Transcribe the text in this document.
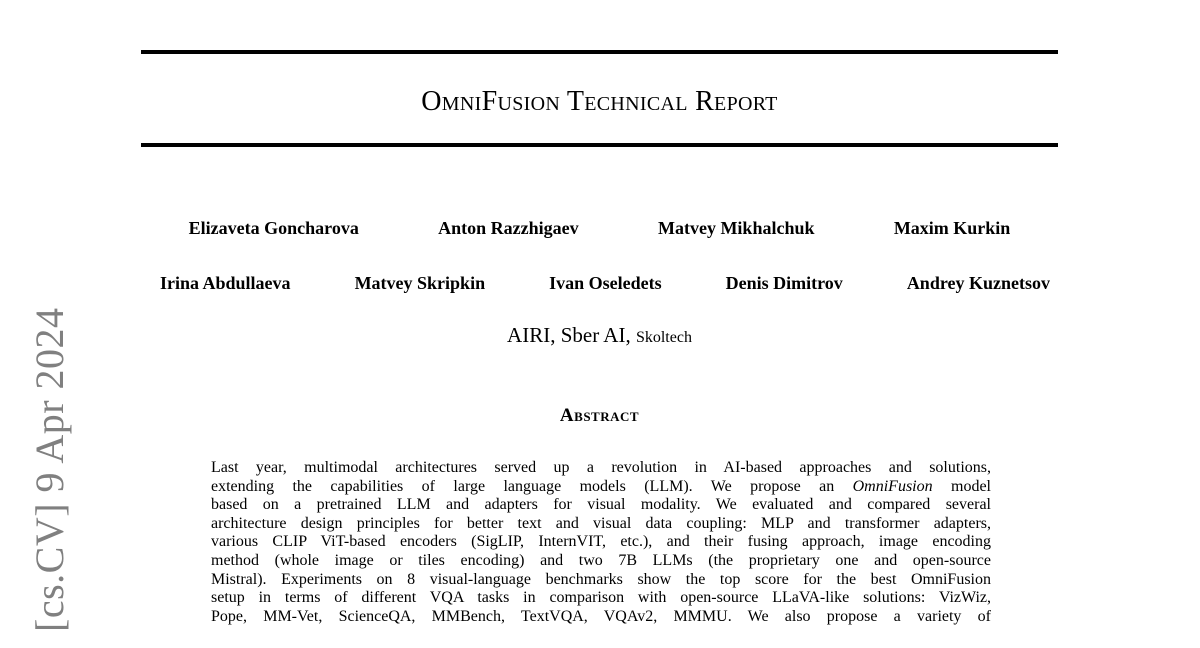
OmniFusion Technical Report
Elizaveta Goncharova	Anton Razzhigaev	Matvey Mikhalchuk	Maxim Kurkin
Irina Abdullaeva	Matvey Skripkin	Ivan Oseledets	Denis Dimitrov	Andrey Kuznetsov
AIRI, Sber AI, Skoltech
Abstract
Last year, multimodal architectures served up a revolution in AI-based approaches and solutions,
extending the capabilities of large language models (LLM). We propose an OmniFusion model
based on a pretrained LLM and adapters for visual modality. We evaluated and compared several
architecture design principles for better text and visual data coupling: MLP and transformer adapters,
various CLIP ViT-based encoders (SigLIP, InternVIT, etc.), and their fusing approach, image encoding
method (whole image or tiles encoding) and two 7B LLMs (the proprietary one and open-source
Mistral). Experiments on 8 visual-language benchmarks show the top score for the best OmniFusion
setup in terms of different VQA tasks in comparison with open-source LLaVA-like solutions: VizWiz,
Pope, MM-Vet, ScienceQA, MMBench, TextVQA, VQAv2, MMMU. We also propose a variety of
[cs.CV] 9 Apr 2024
